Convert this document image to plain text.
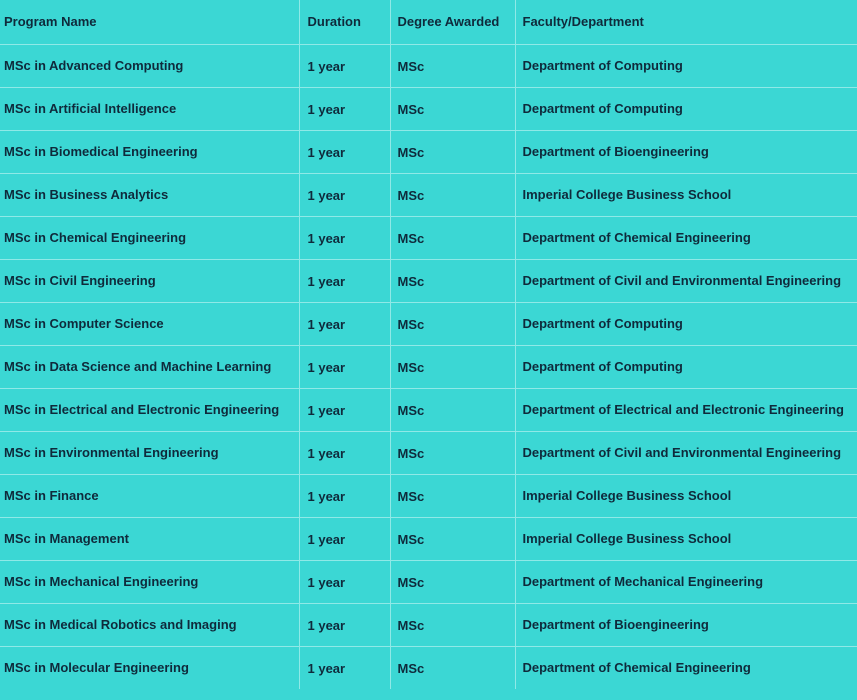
Program Name	Duration	Degree Awarded	Faculty/Department
MSc in Advanced Computing	1 year	MSc	Department of Computing
MSc in Artificial Intelligence	1 year	MSc	Department of Computing
MSc in Biomedical Engineering	1 year	MSc	Department of Bioengineering
MSc in Business Analytics	1 year	MSc	Imperial College Business School
MSc in Chemical Engineering	1 year	MSc	Department of Chemical Engineering
MSc in Civil Engineering	1 year	MSc	Department of Civil and Environmental Engineering
MSc in Computer Science	1 year	MSc	Department of Computing
MSc in Data Science and Machine Learning	1 year	MSc	Department of Computing
MSc in Electrical and Electronic Engineering	1 year	MSc	Department of Electrical and Electronic Engineering
MSc in Environmental Engineering	1 year	MSc	Department of Civil and Environmental Engineering
MSc in Finance	1 year	MSc	Imperial College Business School
MSc in Management	1 year	MSc	Imperial College Business School
MSc in Mechanical Engineering	1 year	MSc	Department of Mechanical Engineering
MSc in Medical Robotics and Imaging	1 year	MSc	Department of Bioengineering
MSc in Molecular Engineering	1 year	MSc	Department of Chemical Engineering
